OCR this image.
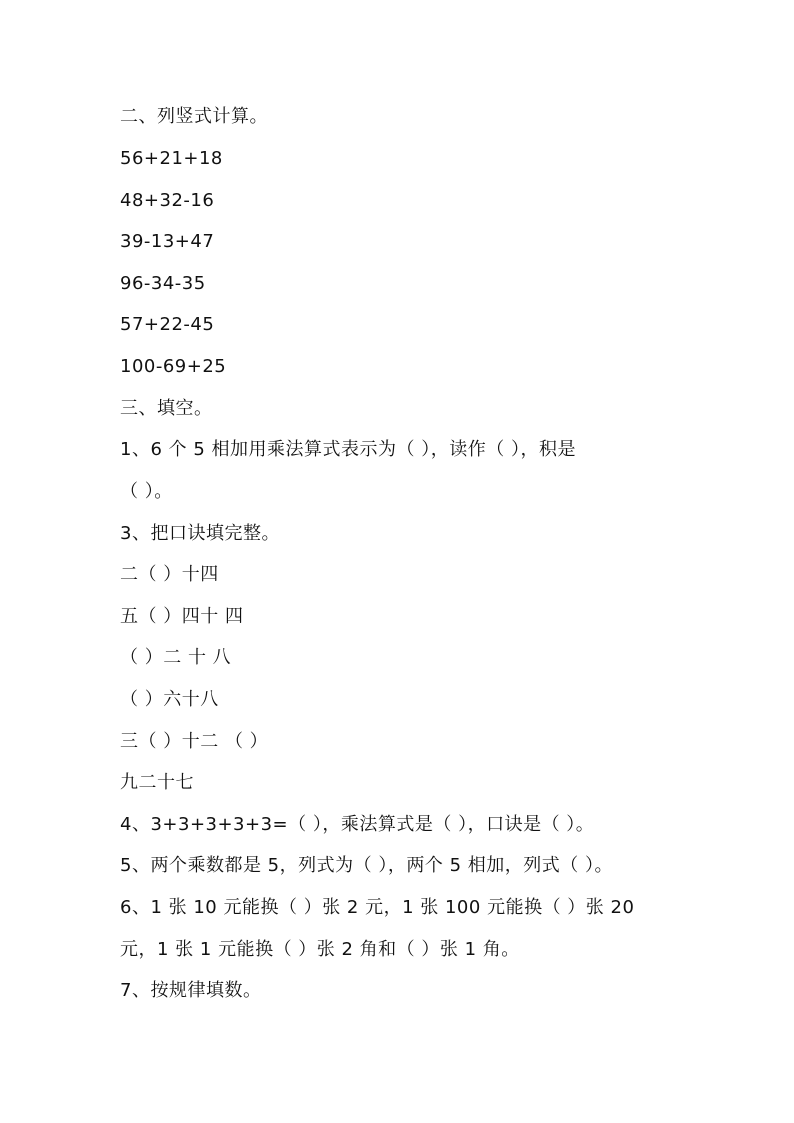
二、列竖式计算。
56+21+18
48+32-16
39-13+47
96-34-35
57+22-45
100-69+25
三、填空。
1、6 个 5 相加用乘法算式表示为（ ），读作（ ），积是
（ ）。
3、把口诀填完整。
二（ ）十四
五（ ）四十 四
（ ）二 十 八
（ ）六十八
三（ ）十二 （ ）
九二十七
4、3+3+3+3+3=（ ），乘法算式是（ ），口诀是（ ）。
5、两个乘数都是 5，列式为（ ），两个 5 相加，列式（ ）。
6、1 张 10 元能换（ ）张 2 元，1 张 100 元能换（ ）张 20
元，1 张 1 元能换（ ）张 2 角和（ ）张 1 角。
7、按规律填数。
